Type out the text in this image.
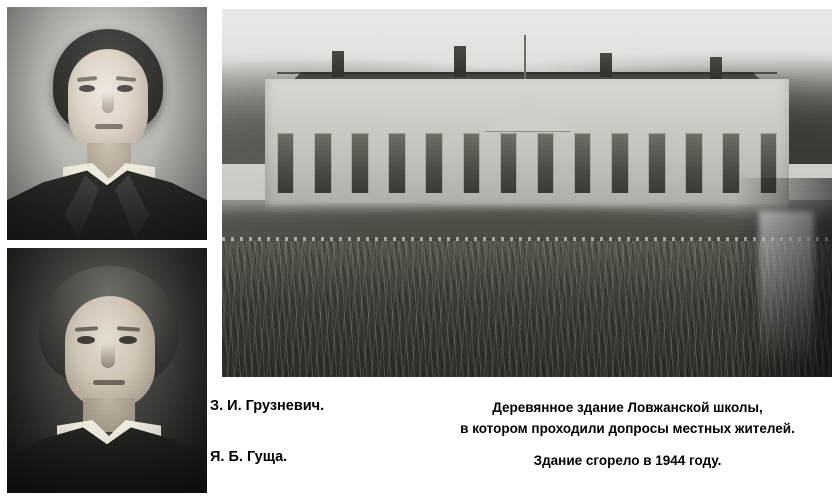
З. И. Грузневич.
Я. Б. Гуща.
Деревянное здание Ловжанской школы,
в котором проходили допросы местных жителей.
Здание сгорело в 1944 году.
